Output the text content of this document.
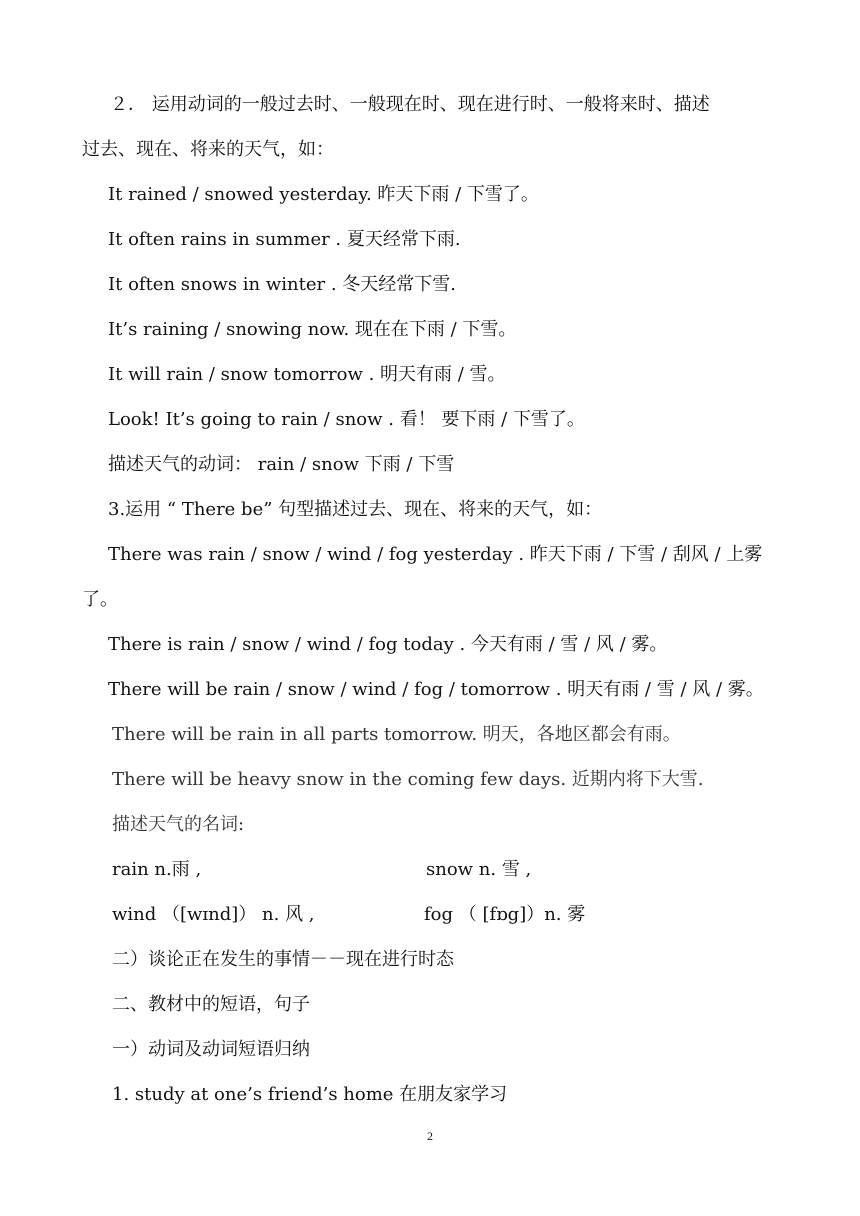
２． 运用动词的一般过去时、一般现在时、现在进行时、一般将来时、描述
过去、现在、将来的天气，如：
It rained / snowed yesterday. 昨天下雨 / 下雪了。
It often rains in summer . 夏天经常下雨.
It often snows in winter . 冬天经常下雪.
It’s raining / snowing now. 现在在下雨 / 下雪。
It will rain / snow tomorrow . 明天有雨 / 雪。
Look! It’s going to rain / snow . 看！ 要下雨 / 下雪了。
描述天气的动词： rain / snow 下雨 / 下雪
3.运用 “ There be” 句型描述过去、现在、将来的天气，如：
There was rain / snow / wind / fog yesterday . 昨天下雨 / 下雪 / 刮风 / 上雾
了。
There is rain / snow / wind / fog today . 今天有雨 / 雪 / 风 / 雾。
There will be rain / snow / wind / fog / tomorrow . 明天有雨 / 雪 / 风 / 雾。
There will be rain in all parts tomorrow. 明天，各地区都会有雨。
There will be heavy snow in the coming few days. 近期内将下大雪.
描述天气的名词:
rain n.雨 ,	snow n. 雪 ,
wind （[wɪnd]） n. 风 ,	fog （ [fɒg]）n. 雾
二）谈论正在发生的事情－－现在进行时态
二、教材中的短语，句子
一）动词及动词短语归纳
1. study at one’s friend’s home 在朋友家学习
2
